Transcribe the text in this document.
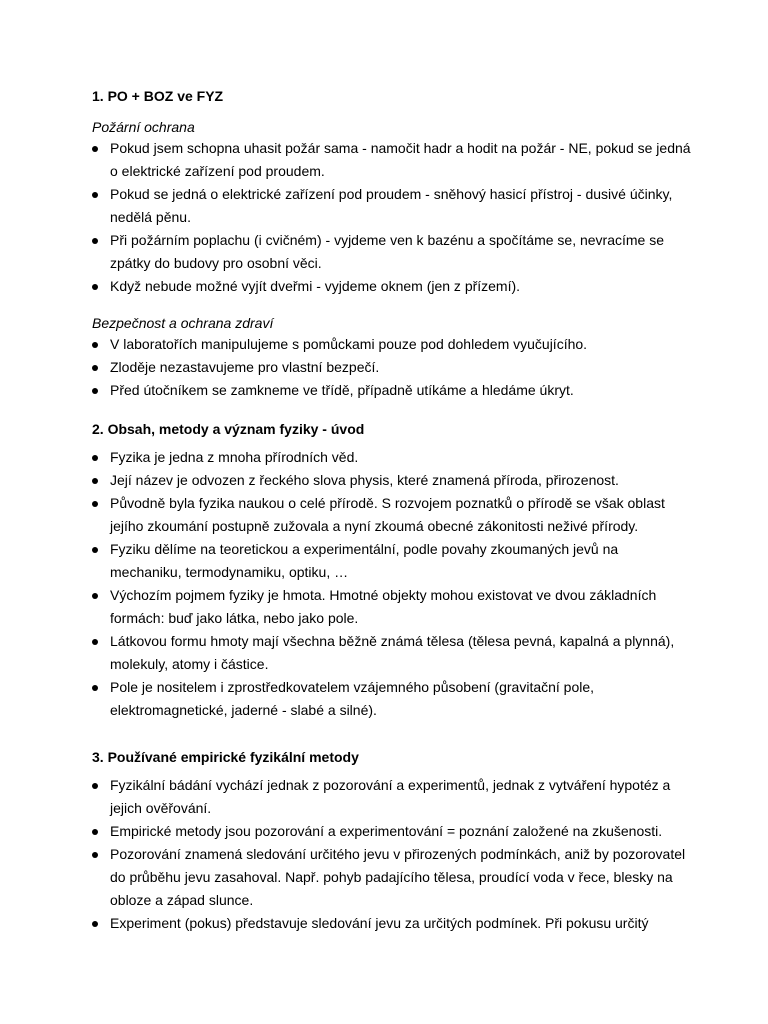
1. PO + BOZ ve FYZ

Požární ochrana

Pokud jsem schopna uhasit požár sama - namočit hadr a hodit na požár - NE, pokud se jedná o elektrické zařízení pod proudem.
Pokud se jedná o elektrické zařízení pod proudem - sněhový hasicí přístroj - dusivé účinky, nedělá pěnu.
Při požárním poplachu (i cvičném) - vyjdeme ven k bazénu a spočítáme se, nevracíme se zpátky do budovy pro osobní věci.
Když nebude možné vyjít dveřmi - vyjdeme oknem (jen z přízemí).

Bezpečnost a ochrana zdraví

V laboratořích manipulujeme s pomůckami pouze pod dohledem vyučujícího.
Zloděje nezastavujeme pro vlastní bezpečí.
Před útočníkem se zamkneme ve třídě, případně utíkáme a hledáme úkryt.
2. Obsah, metody a význam fyziky - úvod
Fyzika je jedna z mnoha přírodních věd.
Její název je odvozen z řeckého slova physis, které znamená příroda, přirozenost.
Původně byla fyzika naukou o celé přírodě. S rozvojem poznatků o přírodě se však oblast jejího zkoumání postupně zužovala a nyní zkoumá obecné zákonitosti neživé přírody.
Fyziku dělíme na teoretickou a experimentální, podle povahy zkoumaných jevů na mechaniku, termodynamiku, optiku, …
Výchozím pojmem fyziky je hmota. Hmotné objekty mohou existovat ve dvou základních formách: buď jako látka, nebo jako pole.
Látkovou formu hmoty mají všechna běžně známá tělesa (tělesa pevná, kapalná a plynná), molekuly, atomy i částice.
Pole je nositelem i zprostředkovatelem vzájemného působení (gravitační pole, elektromagnetické, jaderné - slabé a silné).
3. Používané empirické fyzikální metody
Fyzikální bádání vychází jednak z pozorování a experimentů, jednak z vytváření hypotéz a jejich ověřování.
Empirické metody jsou pozorování a experimentování = poznání založené na zkušenosti.
Pozorování znamená sledování určitého jevu v přirozených podmínkách, aniž by pozorovatel do průběhu jevu zasahoval. Např. pohyb padajícího tělesa, proudící voda v řece, blesky na obloze a západ slunce.
Experiment (pokus) představuje sledování jevu za určitých podmínek. Při pokusu určitý
